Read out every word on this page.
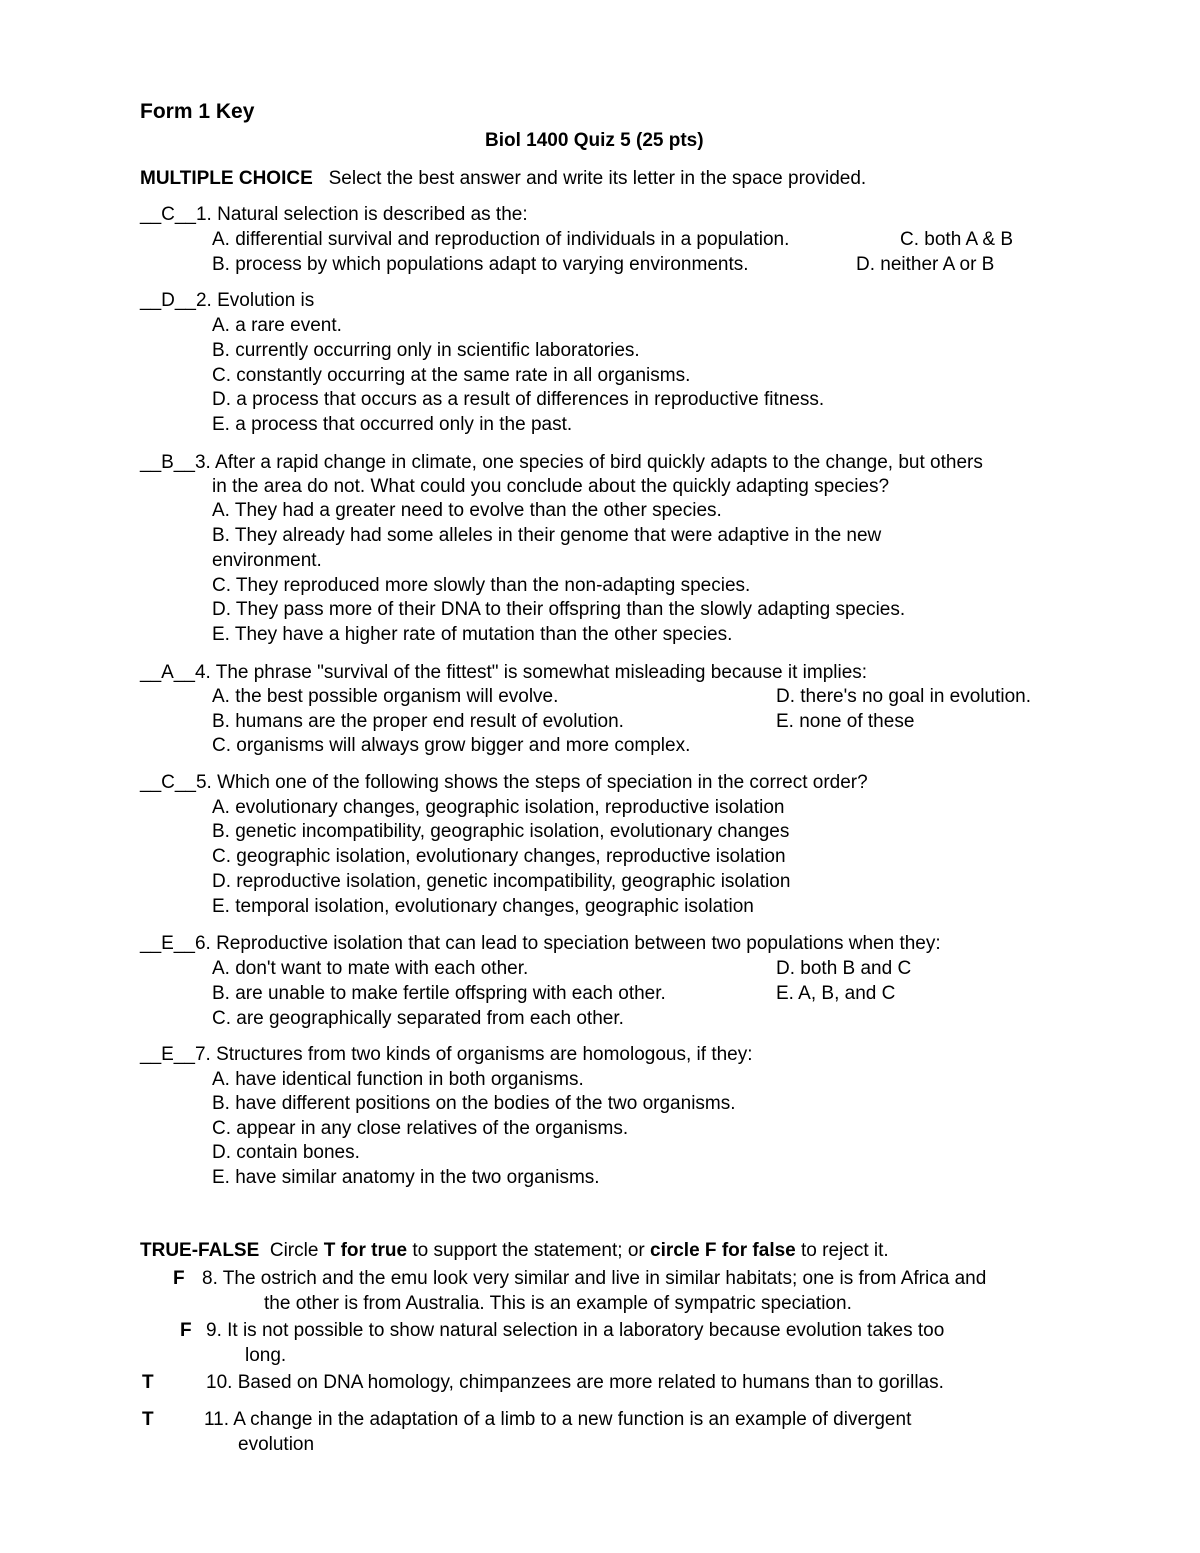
Form 1 Key
Biol 1400 Quiz 5 (25 pts)
MULTIPLE CHOICE Select the best answer and write its letter in the space provided.
__C__1. Natural selection is described as the:
A. differential survival and reproduction of individuals in a population.	C. both A & B
B. process by which populations adapt to varying environments.	D. neither A or B
__D__2. Evolution is
A. a rare event.
B. currently occurring only in scientific laboratories.
C. constantly occurring at the same rate in all organisms.
D. a process that occurs as a result of differences in reproductive fitness.
E. a process that occurred only in the past.
__B__3. After a rapid change in climate, one species of bird quickly adapts to the change, but others
in the area do not. What could you conclude about the quickly adapting species?
A. They had a greater need to evolve than the other species.
B. They already had some alleles in their genome that were adaptive in the new
environment.
C. They reproduced more slowly than the non-adapting species.
D. They pass more of their DNA to their offspring than the slowly adapting species.
E. They have a higher rate of mutation than the other species.
__A__4. The phrase "survival of the fittest" is somewhat misleading because it implies:
A. the best possible organism will evolve.	D. there's no goal in evolution.
B. humans are the proper end result of evolution.	E. none of these
C. organisms will always grow bigger and more complex.
__C__5. Which one of the following shows the steps of speciation in the correct order?
A. evolutionary changes, geographic isolation, reproductive isolation
B. genetic incompatibility, geographic isolation, evolutionary changes
C. geographic isolation, evolutionary changes, reproductive isolation
D. reproductive isolation, genetic incompatibility, geographic isolation
E. temporal isolation, evolutionary changes, geographic isolation
__E__6. Reproductive isolation that can lead to speciation between two populations when they:
A. don't want to mate with each other.	D. both B and C
B. are unable to make fertile offspring with each other.	E. A, B, and C
C. are geographically separated from each other.
__E__7. Structures from two kinds of organisms are homologous, if they:
A. have identical function in both organisms.
B. have different positions on the bodies of the two organisms.
C. appear in any close relatives of the organisms.
D. contain bones.
E. have similar anatomy in the two organisms.
TRUE-FALSE Circle T for true to support the statement; or circle F for false to reject it.
F 8. The ostrich and the emu look very similar and live in similar habitats; one is from Africa and
the other is from Australia. This is an example of sympatric speciation.
F 9. It is not possible to show natural selection in a laboratory because evolution takes too
long.
T	10. Based on DNA homology, chimpanzees are more related to humans than to gorillas.
T	11. A change in the adaptation of a limb to a new function is an example of divergent
evolution
